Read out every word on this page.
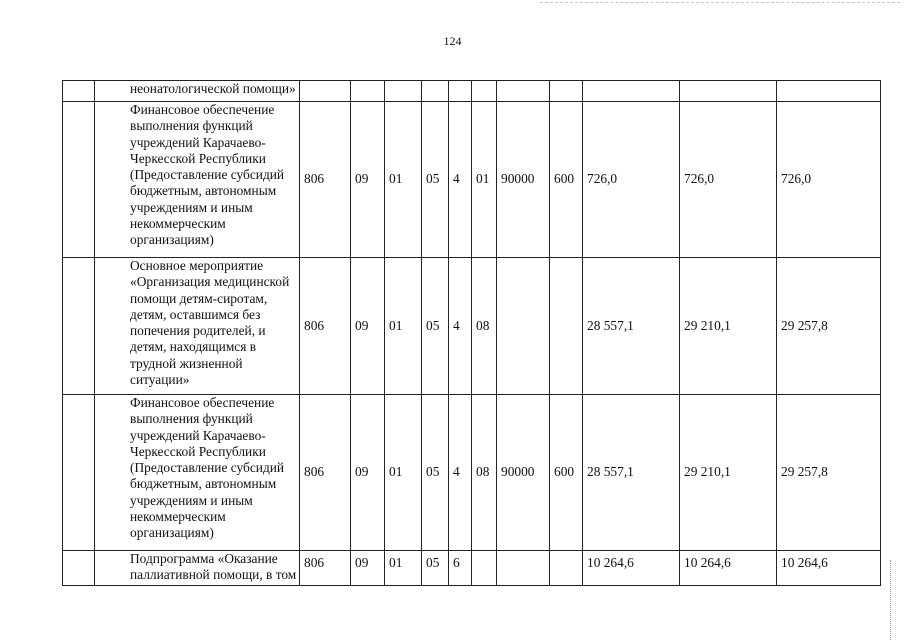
124
	неонатологической помощи»											
	Финансовое обеспечение выполнения функций учреждений Карачаево-Черкесской Республики (Предоставление субсидий бюджетным, автономным учреждениям и иным некоммерческим организациям)	806	09	01	05	4	01	90000	600	726,0	726,0	726,0
	Основное мероприятие «Организация медицинской помощи детям-сиротам, детям, оставшимся без попечения родителей, и детям, находящимся в трудной жизненной ситуации»	806	09	01	05	4	08			28 557,1	29 210,1	29 257,8
	Финансовое обеспечение выполнения функций учреждений Карачаево-Черкесской Республики (Предоставление субсидий бюджетным, автономным учреждениям и иным некоммерческим организациям)	806	09	01	05	4	08	90000	600	28 557,1	29 210,1	29 257,8
	Подпрограмма «Оказание паллиативной помощи, в том	806	09	01	05	6				10 264,6	10 264,6	10 264,6
